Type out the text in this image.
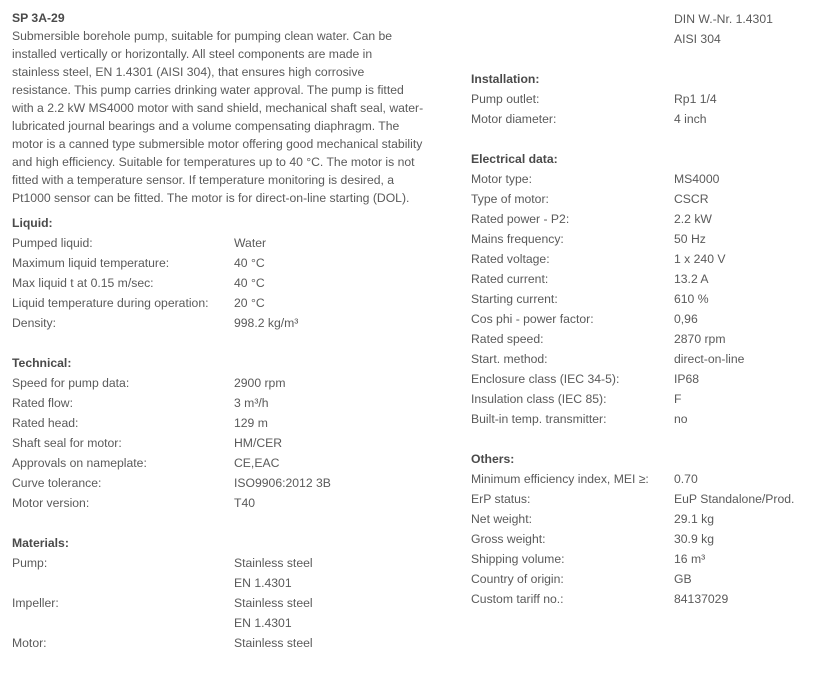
SP 3A-29
Submersible borehole pump, suitable for pumping clean water. Can be
installed vertically or horizontally. All steel components are made in
stainless steel, EN 1.4301 (AISI 304), that ensures high corrosive
resistance. This pump carries drinking water approval. The pump is fitted
with a 2.2 kW MS4000 motor with sand shield, mechanical shaft seal, water-
lubricated journal bearings and a volume compensating diaphragm. The
motor is a canned type submersible motor offering good mechanical stability
and high efficiency. Suitable for temperatures up to 40 °C. The motor is not
fitted with a temperature sensor. If temperature monitoring is desired, a
Pt1000 sensor can be fitted. The motor is for direct-on-line starting (DOL).
Liquid:
Pumped liquid:	Water
Maximum liquid temperature:	40 °C
Max liquid t at 0.15 m/sec:	40 °C
Liquid temperature during operation:	20 °C
Density:	998.2 kg/m³
Technical:
Speed for pump data:	2900 rpm
Rated flow:	3 m³/h
Rated head:	129 m
Shaft seal for motor:	HM/CER
Approvals on nameplate:	CE,EAC
Curve tolerance:	ISO9906:2012 3B
Motor version:	T40
Materials:
Pump:	Stainless steel
EN 1.4301
Impeller:	Stainless steel
EN 1.4301
Motor:	Stainless steel
DIN W.-Nr. 1.4301
AISI 304
Installation:
Pump outlet:	Rp1 1/4
Motor diameter:	4 inch
Electrical data:
Motor type:	MS4000
Type of motor:	CSCR
Rated power - P2:	2.2 kW
Mains frequency:	50 Hz
Rated voltage:	1 x 240 V
Rated current:	13.2 A
Starting current:	610 %
Cos phi - power factor:	0,96
Rated speed:	2870 rpm
Start. method:	direct-on-line
Enclosure class (IEC 34-5):	IP68
Insulation class (IEC 85):	F
Built-in temp. transmitter:	no
Others:
Minimum efficiency index, MEI ≥:	0.70
ErP status:	EuP Standalone/Prod.
Net weight:	29.1 kg
Gross weight:	30.9 kg
Shipping volume:	16 m³
Country of origin:	GB
Custom tariff no.:	84137029
